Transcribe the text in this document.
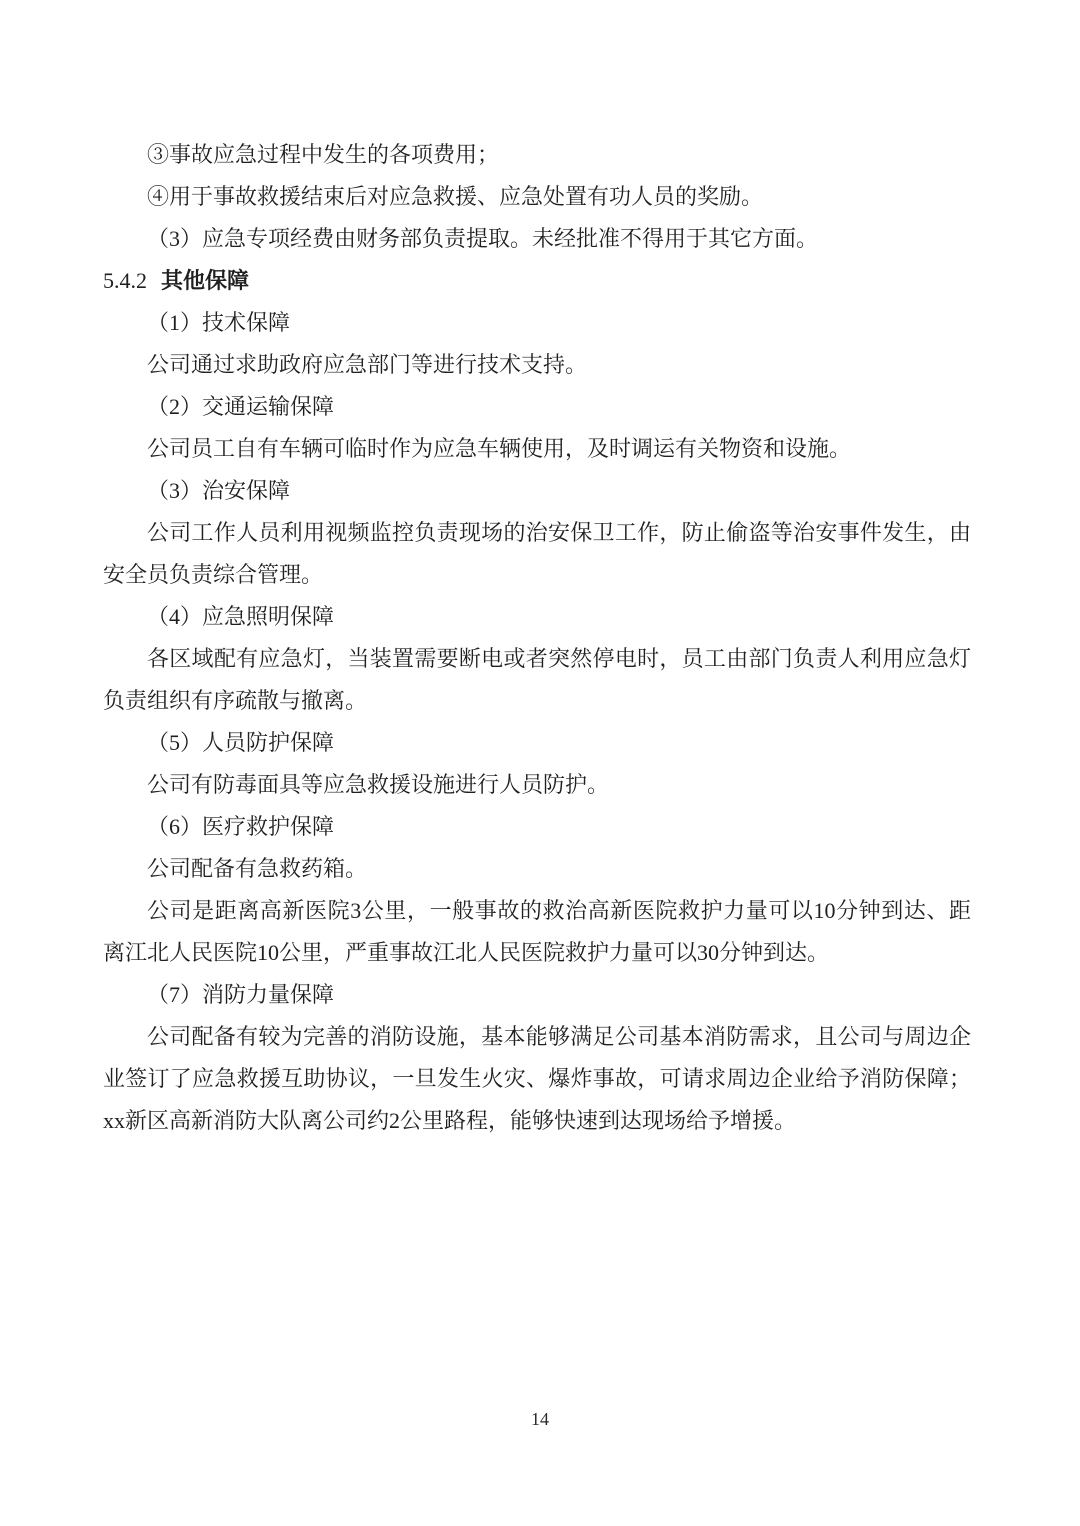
③事故应急过程中发生的各项费用；

④用于事故救援结束后对应急救援、应急处置有功人员的奖励。

（3）应急专项经费由财务部负责提取。未经批准不得用于其它方面。

5.4.2 其他保障

（1）技术保障

公司通过求助政府应急部门等进行技术支持。

（2）交通运输保障

公司员工自有车辆可临时作为应急车辆使用，及时调运有关物资和设施。

（3）治安保障

公司工作人员利用视频监控负责现场的治安保卫工作，防止偷盗等治安事件发生，由安全员负责综合管理。

（4）应急照明保障

各区域配有应急灯，当装置需要断电或者突然停电时，员工由部门负责人利用应急灯负责组织有序疏散与撤离。

（5）人员防护保障

公司有防毒面具等应急救援设施进行人员防护。

（6）医疗救护保障

公司配备有急救药箱。

公司是距离高新医院3公里，一般事故的救治高新医院救护力量可以10分钟到达、距离江北人民医院10公里，严重事故江北人民医院救护力量可以30分钟到达。

（7）消防力量保障

公司配备有较为完善的消防设施，基本能够满足公司基本消防需求，且公司与周边企业签订了应急救援互助协议，一旦发生火灾、爆炸事故，可请求周边企业给予消防保障；xx新区高新消防大队离公司约2公里路程，能够快速到达现场给予增援。

14
